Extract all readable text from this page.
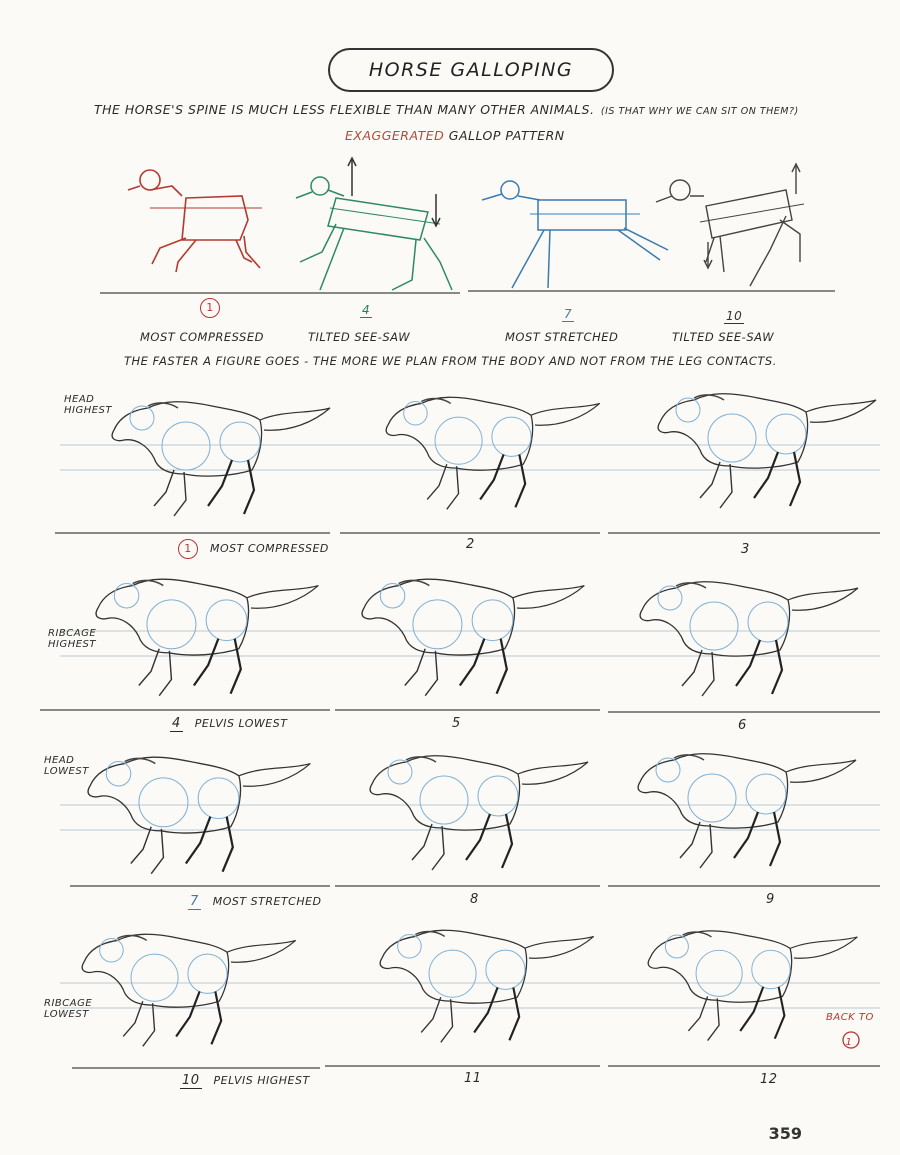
HORSE GALLOPING
THE HORSE'S SPINE IS MUCH LESS FLEXIBLE THAN MANY OTHER ANIMALS. (IS THAT WHY WE CAN SIT ON THEM?)
EXAGGERATED GALLOP PATTERN
1
MOST COMPRESSED
4
TILTED SEE-SAW
7
MOST STRETCHED
10
TILTED SEE-SAW
THE FASTER A FIGURE GOES - THE MORE WE PLAN FROM THE BODY AND NOT FROM THE LEG CONTACTS.
HEAD
HIGHEST
RIBCAGE
HIGHEST
HEAD
LOWEST
RIBCAGE
LOWEST
1 MOST COMPRESSED	2	3
4 PELVIS LOWEST	5	6
7 MOST STRETCHED	8	9
10 PELVIS HIGHEST	11	12
BACK TO
1
359
